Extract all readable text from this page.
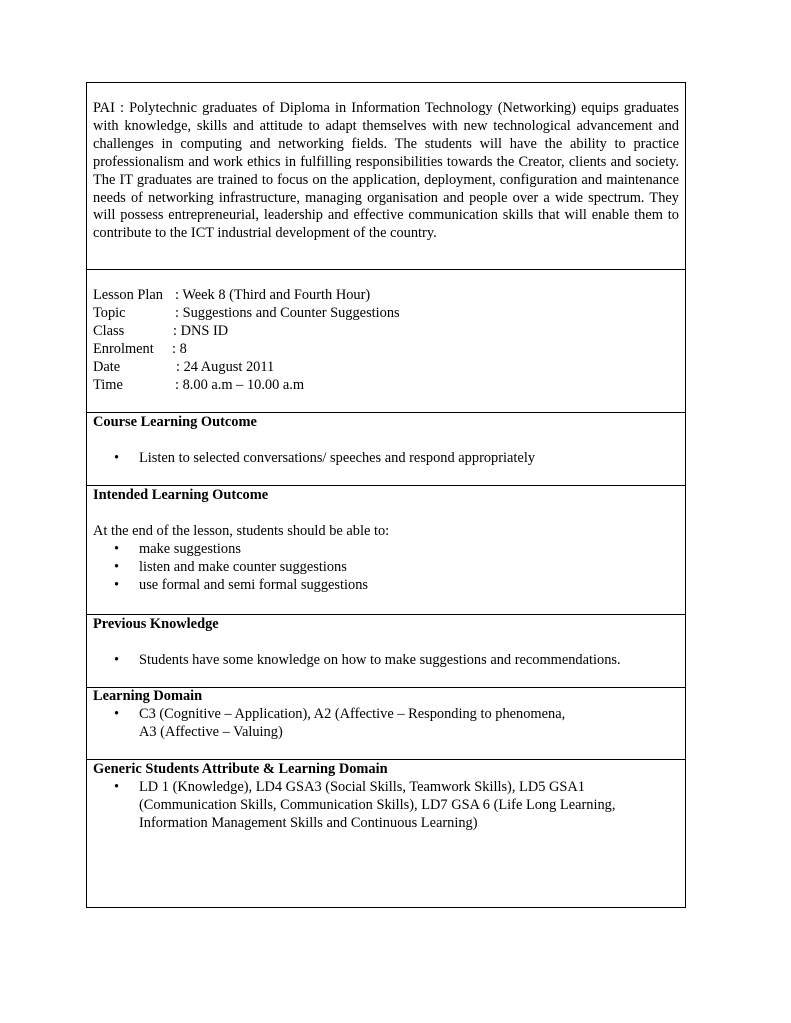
PAI : Polytechnic graduates of Diploma in Information Technology (Networking) equips graduates with knowledge, skills and attitude to adapt themselves with new technological advancement and challenges in computing and networking fields. The students will have the ability to practice professionalism and work ethics in fulfilling responsibilities towards the Creator, clients and society. The IT graduates are trained to focus on the application, deployment, configuration and maintenance needs of networking infrastructure, managing organisation and people over a wide spectrum. They will possess entrepreneurial, leadership and effective communication skills that will enable them to contribute to the ICT industrial development of the country.
Lesson Plan : Week 8 (Third and Fourth Hour)
Topic	: Suggestions and Counter Suggestions
Class	: DNS ID
Enrolment	: 8
Date	: 24 August 2011
Time	: 8.00 a.m – 10.00 a.m
Course Learning Outcome
• Listen to selected conversations/ speeches and respond appropriately
Intended Learning Outcome
At the end of the lesson, students should be able to:
• make suggestions
• listen and make counter suggestions
• use formal and semi formal suggestions
Previous Knowledge
• Students have some knowledge on how to make suggestions and recommendations.
Learning Domain
• C3 (Cognitive – Application), A2 (Affective – Responding to phenomena,
A3 (Affective – Valuing)
Generic Students Attribute & Learning Domain
• LD 1 (Knowledge), LD4 GSA3 (Social Skills, Teamwork Skills), LD5 GSA1
(Communication Skills, Communication Skills), LD7 GSA 6 (Life Long Learning,
Information Management Skills and Continuous Learning)
